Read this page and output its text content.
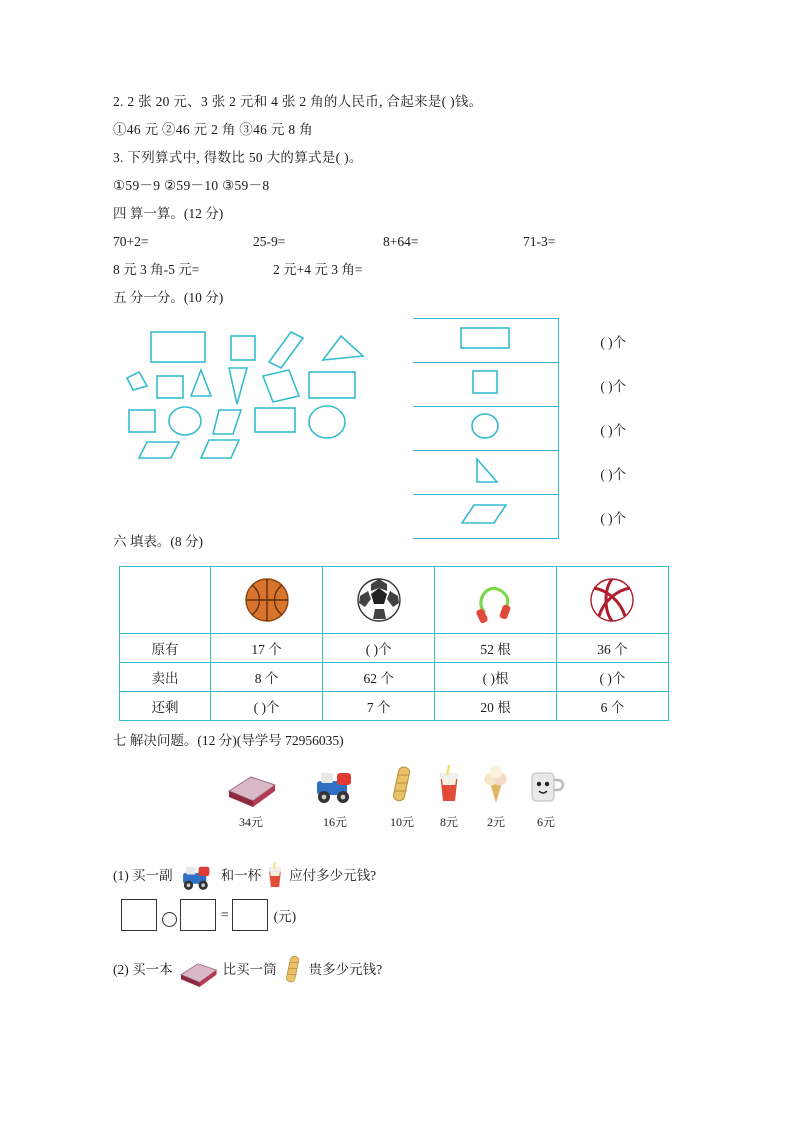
2. 2 张 20 元、3 张 2 元和 4 张 2 角的人民币, 合起来是( )钱。
①46 元 ②46 元 2 角 ③46 元 8 角
3. 下列算式中, 得数比 50 大的算式是( )。
①59－9 ②59－10 ③59－8
四 算一算。(12 分)
70+2=	25-9=	8+64=	71-3=
8 元 3 角-5 元=	2 元+4 元 3 角=
五 分一分。(10 分)
	( )个
	( )个
	( )个
	( )个
	( )个
六 填表。(8 分)

原有	17 个	( )个	52 根	36 个
卖出	8 个	62 个	( )根	( )个
还剩	( )个	7 个	20 根	6 个
七 解决问题。(12 分)(导学号 72956035)
34元	16元	10元	8元	2元	6元
(1) 买一副	和一杯 应付多少元钱?
=	(元)
(2) 买一本	比买一筒 贵多少元钱?
